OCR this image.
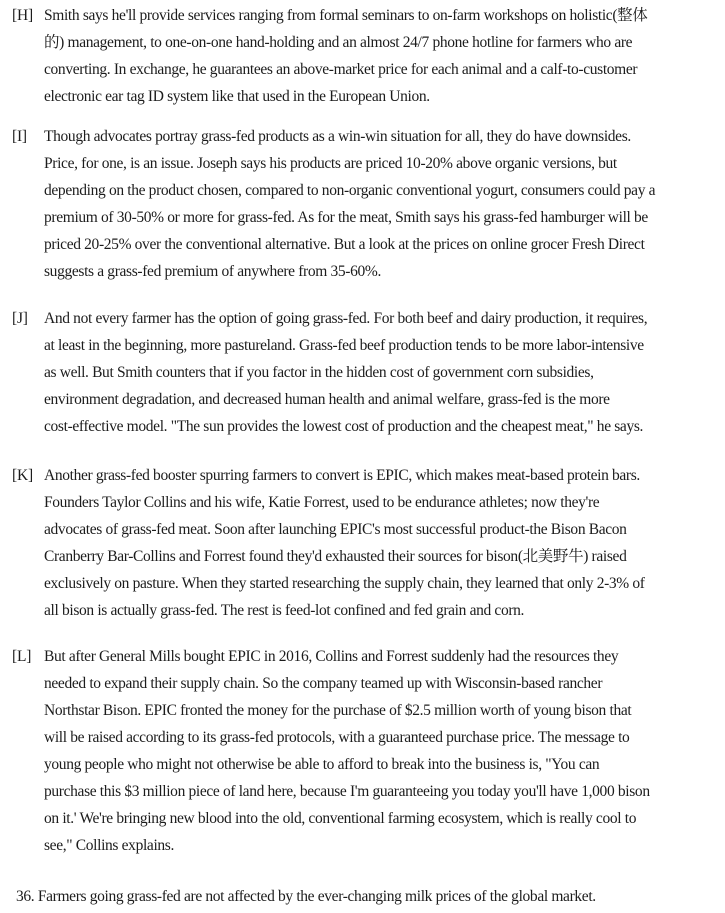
[H] Smith says he'll provide services ranging from formal seminars to on-farm workshops on holistic(整体
的) management, to one-on-one hand-holding and an almost 24/7 phone hotline for farmers who are
converting. In exchange, he guarantees an above-market price for each animal and a calf-to-customer
electronic ear tag ID system like that used in the European Union.
[I] Though advocates portray grass-fed products as a win-win situation for all, they do have downsides.
Price, for one, is an issue. Joseph says his products are priced 10-20% above organic versions, but
depending on the product chosen, compared to non-organic conventional yogurt, consumers could pay a
premium of 30-50% or more for grass-fed. As for the meat, Smith says his grass-fed hamburger will be
priced 20-25% over the conventional alternative. But a look at the prices on online grocer Fresh Direct
suggests a grass-fed premium of anywhere from 35-60%.
[J] And not every farmer has the option of going grass-fed. For both beef and dairy production, it requires,
at least in the beginning, more pastureland. Grass-fed beef production tends to be more labor-intensive
as well. But Smith counters that if you factor in the hidden cost of government corn subsidies,
environment degradation, and decreased human health and animal welfare, grass-fed is the more
cost-effective model. "The sun provides the lowest cost of production and the cheapest meat," he says.
[K] Another grass-fed booster spurring farmers to convert is EPIC, which makes meat-based protein bars.
Founders Taylor Collins and his wife, Katie Forrest, used to be endurance athletes; now they're
advocates of grass-fed meat. Soon after launching EPIC's most successful product-the Bison Bacon
Cranberry Bar-Collins and Forrest found they'd exhausted their sources for bison(北美野牛) raised
exclusively on pasture. When they started researching the supply chain, they learned that only 2-3% of
all bison is actually grass-fed. The rest is feed-lot confined and fed grain and corn.
[L] But after General Mills bought EPIC in 2016, Collins and Forrest suddenly had the resources they
needed to expand their supply chain. So the company teamed up with Wisconsin-based rancher
Northstar Bison. EPIC fronted the money for the purchase of $2.5 million worth of young bison that
will be raised according to its grass-fed protocols, with a guaranteed purchase price. The message to
young people who might not otherwise be able to afford to break into the business is, "You can
purchase this $3 million piece of land here, because I'm guaranteeing you today you'll have 1,000 bison
on it.' We're bringing new blood into the old, conventional farming ecosystem, which is really cool to
see," Collins explains.
36. Farmers going grass-fed are not affected by the ever-changing milk prices of the global market.
